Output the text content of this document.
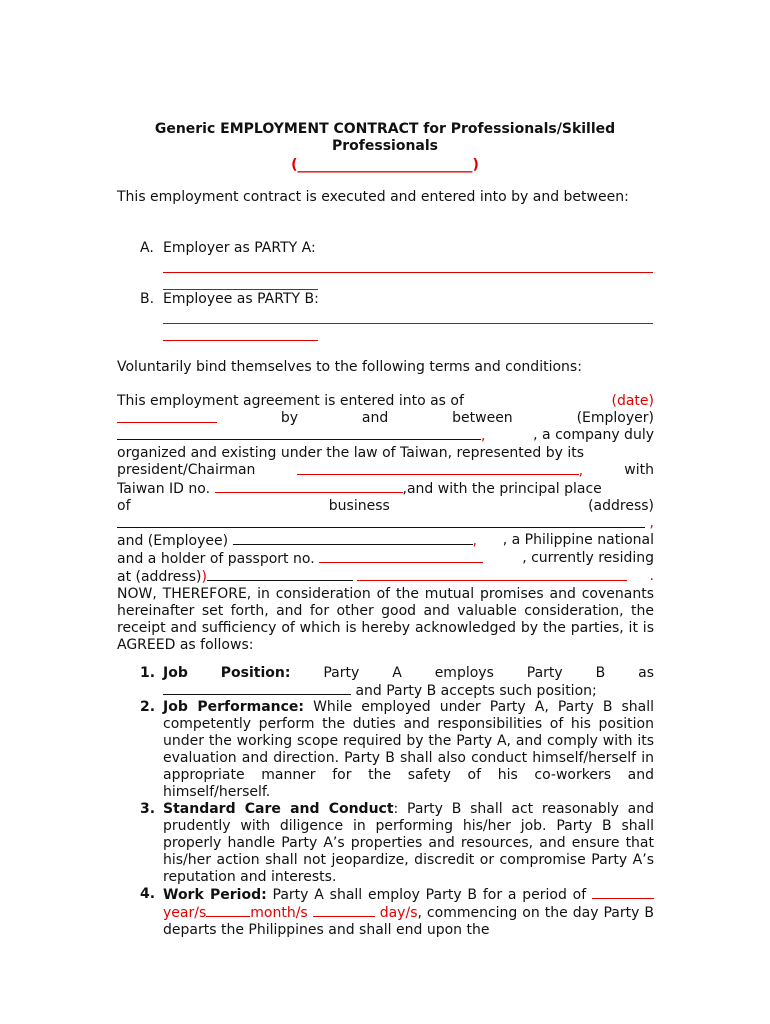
Generic EMPLOYMENT CONTRACT for Professionals/Skilled
Professionals
(_________________________)
This employment contract is executed and entered into by and between:
A. Employer as PARTY A:
B. Employee as PARTY B:
Voluntarily bind themselves to the following terms and conditions:
This employment agreement is entered into as of	(date)
by	and	between	(Employer)
,	, a company duly
organized and existing under the law of Taiwan, represented by its
president/Chairman	,	with
Taiwan ID no.	,and with the principal place
of	business	(address)
,
and (Employee)	, , a Philippine national
and a holder of passport no.	, currently residing
at (address))	.
NOW, THEREFORE, in consideration of the mutual promises and covenants hereinafter set forth, and for other good and valuable consideration, the receipt and sufficiency of which is hereby acknowledged by the parties, it is AGREED as follows:
1. Job Position: Party A employs Party B as
and Party B accepts such position;
2. Job Performance: While employed under Party A, Party B shall competently perform the duties and responsibilities of his position under the working scope required by the Party A, and comply with its evaluation and direction. Party B shall also conduct himself/herself in appropriate manner for the safety of his co-workers and himself/herself.
3. Standard Care and Conduct: Party B shall act reasonably and prudently with diligence in performing his/her job. Party B shall properly handle Party A’s properties and resources, and ensure that his/her action shall not jeopardize, discredit or compromise Party A’s reputation and interests.
4. Work Period: Party A shall employ Party B for a period of  year/s	month/s	day/s, commencing on the day Party B departs the Philippines and shall end upon the
